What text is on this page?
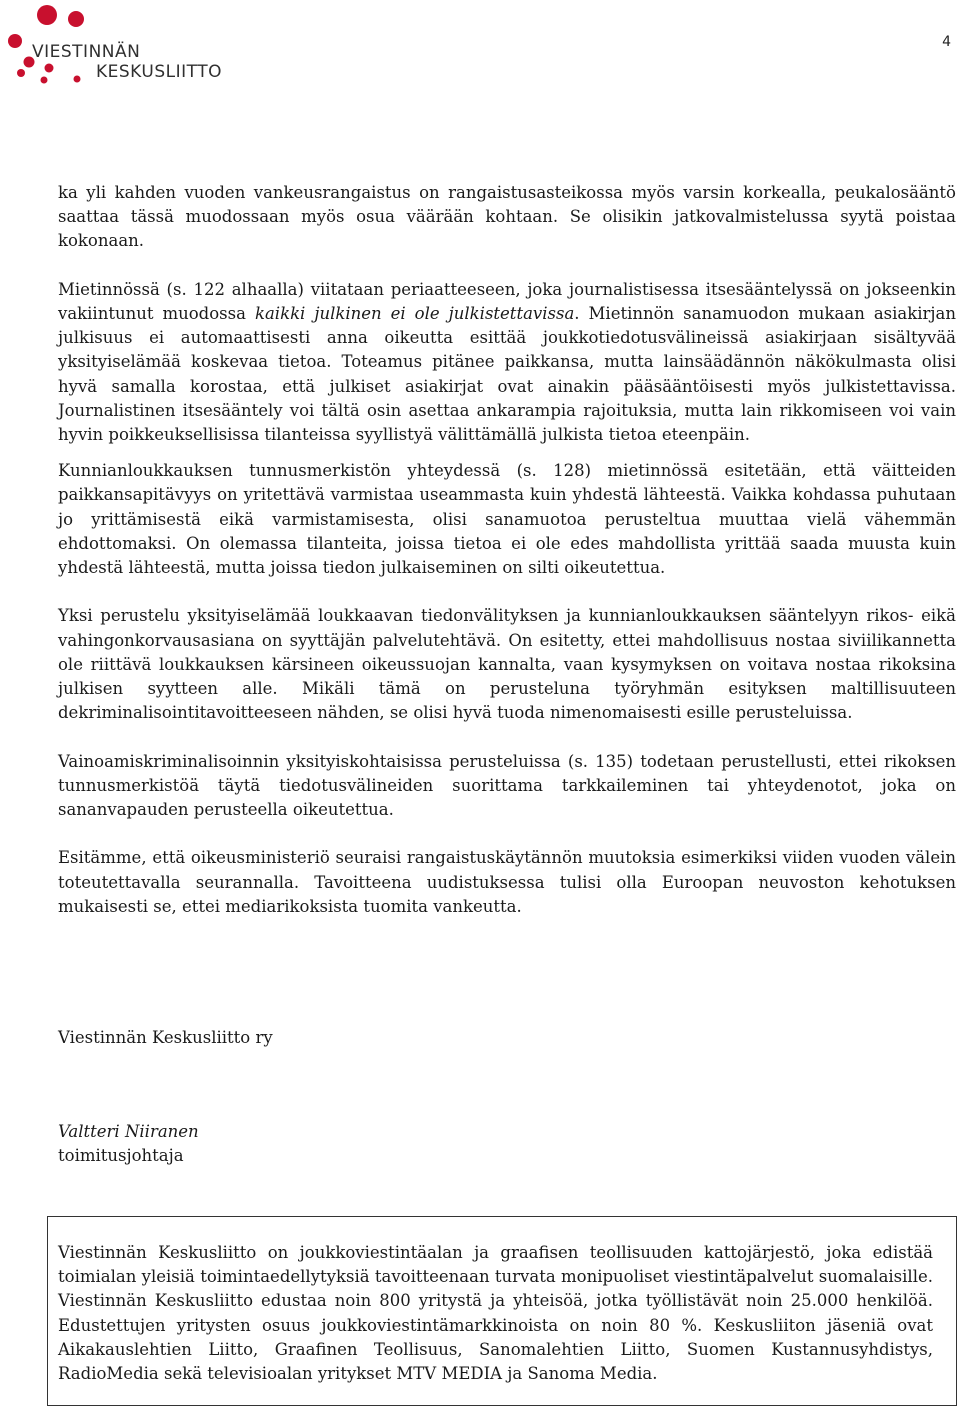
VIESTINNÄN
KESKUSLIITTO
4

ka yli kahden vuoden vankeusrangaistus on rangaistusasteikossa myös varsin korkealla, peukalosääntö saattaa tässä muodossaan myös osua väärään kohtaan. Se olisikin jatkovalmistelussa syytä poistaa kokonaan.

Mietinnössä (s. 122 alhaalla) viitataan periaatteeseen, joka journalistisessa itsesääntelyssä on jokseenkin vakiintunut muodossa kaikki julkinen ei ole julkistettavissa. Mietinnön sanamuodon mukaan asiakirjan julkisuus ei automaattisesti anna oikeutta esittää joukkotiedotusvälineissä asiakirjaan sisältyvää yksityiselämää koskevaa tietoa. Toteamus pitänee paikkansa, mutta lainsäädännön näkökulmasta olisi hyvä samalla korostaa, että julkiset asiakirjat ovat ainakin pääsääntöisesti myös julkistettavissa. Journalistinen itsesääntely voi tältä osin asettaa ankarampia rajoituksia, mutta lain rikkomiseen voi vain hyvin poikkeuksellisissa tilanteissa syyllistyä välittämällä julkista tietoa eteenpäin.

Kunnianloukkauksen tunnusmerkistön yhteydessä (s. 128) mietinnössä esitetään, että väitteiden paikkansapitävyys on yritettävä varmistaa useammasta kuin yhdestä lähteestä. Vaikka kohdassa puhutaan jo yrittämisestä eikä varmistamisesta, olisi sanamuotoa perusteltua muuttaa vielä vähemmän ehdottomaksi. On olemassa tilanteita, joissa tietoa ei ole edes mahdollista yrittää saada muusta kuin yhdestä lähteestä, mutta joissa tiedon julkaiseminen on silti oikeutettua.

Yksi perustelu yksityiselämää loukkaavan tiedonvälityksen ja kunnianloukkauksen sääntelyyn rikos- eikä vahingonkorvausasiana on syyttäjän palvelutehtävä. On esitetty, ettei mahdollisuus nostaa siviilikannetta ole riittävä loukkauksen kärsineen oikeussuojan kannalta, vaan kysymyksen on voitava nostaa rikoksina julkisen syytteen alle. Mikäli tämä on perusteluna työryhmän esityksen maltillisuuteen dekriminalisointitavoitteeseen nähden, se olisi hyvä tuoda nimenomaisesti esille perusteluissa.

Vainoamiskriminalisoinnin yksityiskohtaisissa perusteluissa (s. 135) todetaan perustellusti, ettei rikoksen tunnusmerkistöä täytä tiedotusvälineiden suorittama tarkkaileminen tai yhteydenotot, joka on sananvapauden perusteella oikeutettua.

Esitämme, että oikeusministeriö seuraisi rangaistuskäytännön muutoksia esimerkiksi viiden vuoden välein toteutettavalla seurannalla. Tavoitteena uudistuksessa tulisi olla Euroopan neuvoston kehotuksen mukaisesti se, ettei mediarikoksista tuomita vankeutta.

Viestinnän Keskusliitto ry
Valtteri Niiranen
toimitusjohtaja

Viestinnän Keskusliitto on joukkoviestintäalan ja graafisen teollisuuden kattojärjestö, joka edistää toimialan yleisiä toimintaedellytyksiä tavoitteenaan turvata monipuoliset viestintäpalvelut suomalaisille. Viestinnän Keskusliitto edustaa noin 800 yritystä ja yhteisöä, jotka työllistävät noin 25.000 henkilöä. Edustettujen yritysten osuus joukkoviestintämarkkinoista on noin 80 %. Keskusliiton jäseniä ovat Aikakauslehtien Liitto, Graafinen Teollisuus, Sanomalehtien Liitto, Suomen Kustannusyhdistys, RadioMedia sekä televisioalan yritykset MTV MEDIA ja Sanoma Media.
